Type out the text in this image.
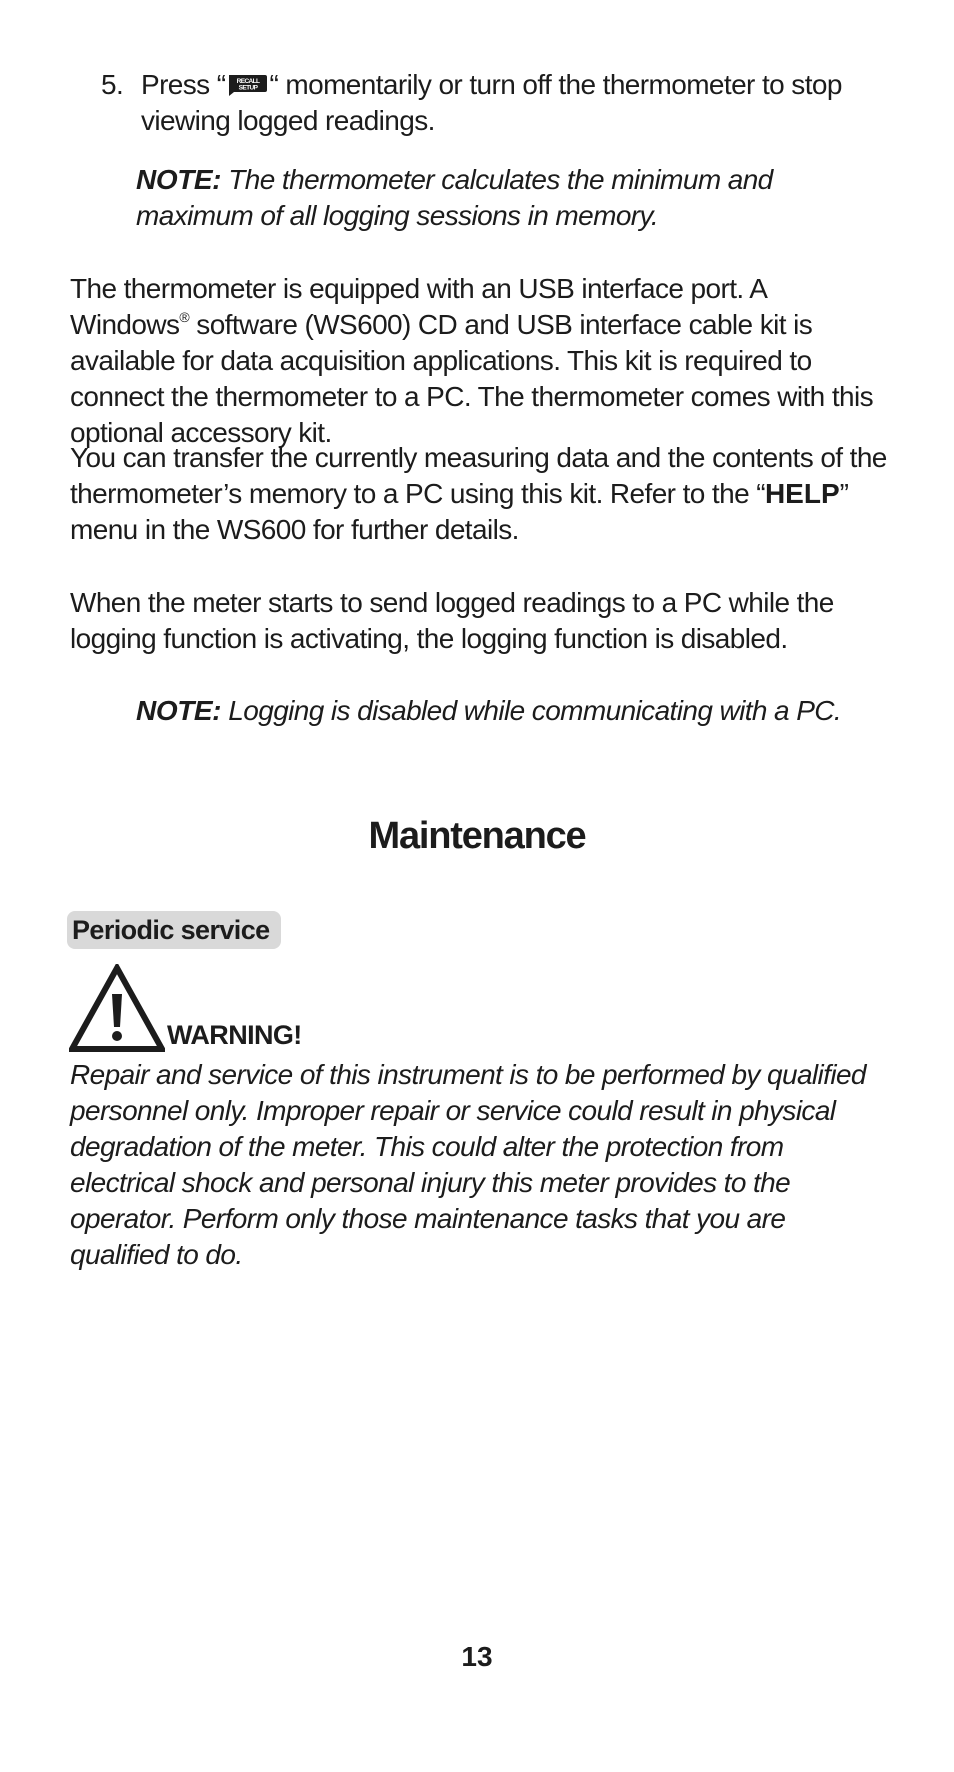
5. Press “ RECALL
SETUP “ momentarily or turn off the thermometer to stop viewing logged readings.
NOTE: The thermometer calculates the minimum and maximum of all logging sessions in memory.
The thermometer is equipped with an USB interface port. A Windows® software (WS600) CD and USB interface cable kit is available for data acquisition applications. This kit is required to connect the thermometer to a PC. The thermometer comes with this optional accessory kit.
You can transfer the currently measuring data and the contents of the thermometer’s memory to a PC using this kit. Refer to the “HELP” menu in the WS600 for further details.
When the meter starts to send logged readings to a PC while the logging function is activating, the logging function is disabled.
NOTE: Logging is disabled while communicating with a PC.
Maintenance
Periodic service
WARNING!
Repair and service of this instrument is to be performed by qualified personnel only. Improper repair or service could result in physical degradation of the meter. This could alter the protection from electrical shock and personal injury this meter provides to the operator. Perform only those maintenance tasks that you are qualified to do.
13
